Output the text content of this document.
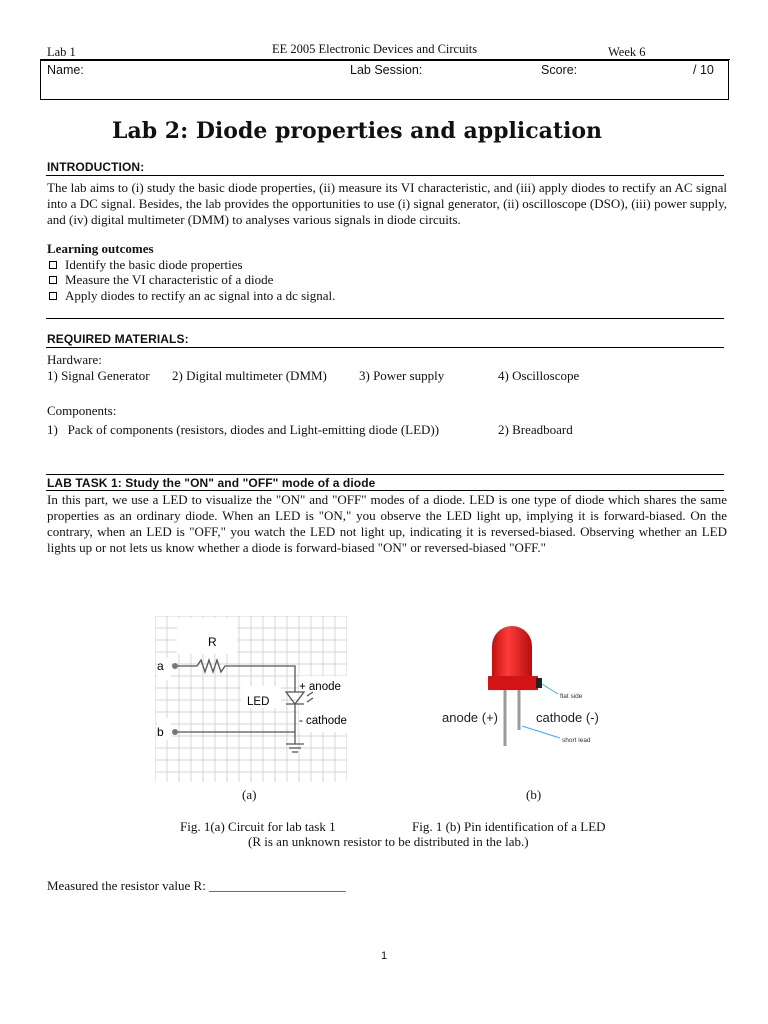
Lab 1	EE 2005 Electronic Devices and Circuits	Week 6
Name:	Lab Session:	Score:	/ 10
Lab 2: Diode properties and application
INTRODUCTION:
The lab aims to (i) study the basic diode properties, (ii) measure its VI characteristic, and (iii) apply diodes to rectify an AC signal into a DC signal. Besides, the lab provides the opportunities to use (i) signal generator, (ii) oscilloscope (DSO), (iii) power supply, and (iv) digital multimeter (DMM) to analyses various signals in diode circuits.
Learning outcomes
Identify the basic diode properties
Measure the VI characteristic of a diode
Apply diodes to rectify an ac signal into a dc signal.
REQUIRED MATERIALS:
Hardware:
1) Signal Generator 2) Digital multimeter (DMM) 3) Power supply	4) Oscilloscope
Components:
1)   Pack of components (resistors, diodes and Light-emitting diode (LED))	2) Breadboard
LAB TASK 1: Study the "ON" and "OFF" mode of a diode
In this part, we use a LED to visualize the "ON" and "OFF" modes of a diode. LED is one type of diode which shares the same properties as an ordinary diode. When an LED is "ON," you observe the LED light up, implying it is forward-biased. On the contrary, when an LED is "OFF," you watch the LED not light up, indicating it is reversed-biased. Observing whether an LED lights up or not lets us know whether a diode is forward-biased "ON" or reversed-biased "OFF."
R
a
b
LED
+ anode
- cathode
flat side
anode (+)	cathode (-)
short lead
(a)	(b)
Fig. 1(a) Circuit for lab task 1	Fig. 1 (b) Pin identification of a LED
(R is an unknown resistor to be distributed in the lab.)
Measured the resistor value R: _____________________
1
